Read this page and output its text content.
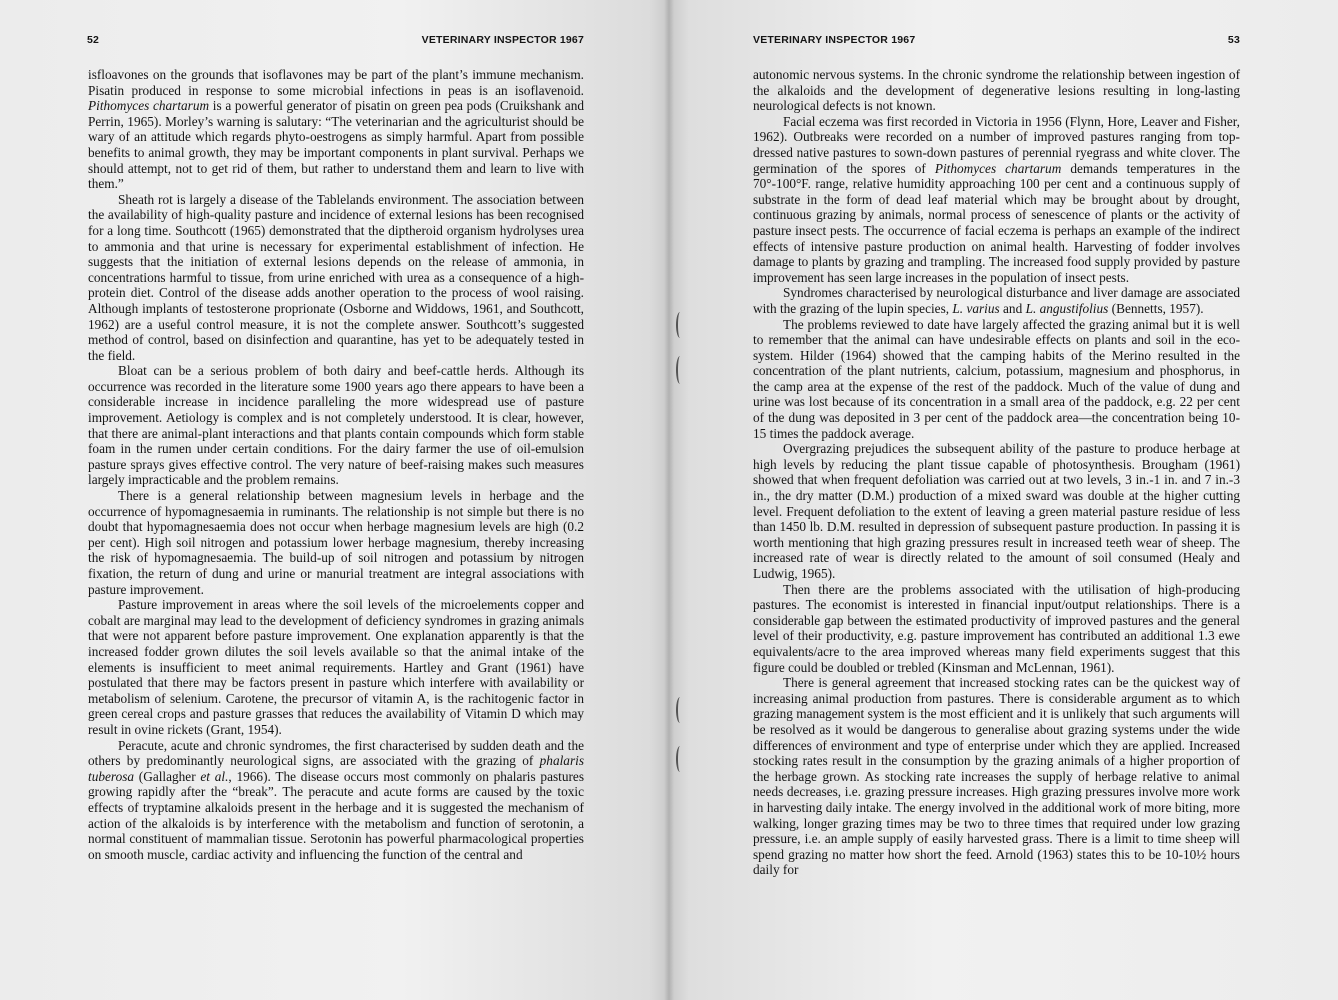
52	VETERINARY INSPECTOR 1967

isfloavones on the grounds that isoflavones may be part of the plant’s immune mechanism. Pisatin produced in response to some microbial infections in peas is an isoflavenoid. Pithomyces chartarum is a powerful generator of pisatin on green pea pods (Cruikshank and Perrin, 1965). Morley’s warning is salutary: “The veterinarian and the agriculturist should be wary of an attitude which regards phyto-oestrogens as simply harmful. Apart from possible benefits to animal growth, they may be important components in plant survival. Perhaps we should attempt, not to get rid of them, but rather to understand them and learn to live with them.”

Sheath rot is largely a disease of the Tablelands environment. The association between the availability of high-quality pasture and incidence of external lesions has been recognised for a long time. Southcott (1965) demonstrated that the diptheroid organism hydrolyses urea to ammonia and that urine is necessary for experimental establishment of infection. He suggests that the initiation of external lesions depends on the release of ammonia, in concentrations harmful to tissue, from urine enriched with urea as a consequence of a high-protein diet. Control of the disease adds another operation to the process of wool raising. Although implants of testosterone proprionate (Osborne and Widdows, 1961, and Southcott, 1962) are a useful control measure, it is not the complete answer. Southcott’s suggested method of control, based on disinfection and quarantine, has yet to be adequately tested in the field.

Bloat can be a serious problem of both dairy and beef-cattle herds. Although its occurrence was recorded in the literature some 1900 years ago there appears to have been a considerable increase in incidence paralleling the more widespread use of pasture improvement. Aetiology is complex and is not completely understood. It is clear, however, that there are animal-plant interactions and that plants contain compounds which form stable foam in the rumen under certain conditions. For the dairy farmer the use of oil-emulsion pasture sprays gives effective control. The very nature of beef-raising makes such measures largely impracticable and the problem remains.

There is a general relationship between magnesium levels in herbage and the occurrence of hypomagnesaemia in ruminants. The relationship is not simple but there is no doubt that hypomagnesaemia does not occur when herbage magnesium levels are high (0.2 per cent). High soil nitrogen and potassium lower herbage magnesium, thereby increasing the risk of hypomagnesaemia. The build-up of soil nitrogen and potassium by nitrogen fixation, the return of dung and urine or manurial treatment are integral associations with pasture improvement.

Pasture improvement in areas where the soil levels of the microelements copper and cobalt are marginal may lead to the development of deficiency syndromes in grazing animals that were not apparent before pasture improvement. One explanation apparently is that the increased fodder grown dilutes the soil levels available so that the animal intake of the elements is insufficient to meet animal requirements. Hartley and Grant (1961) have postulated that there may be factors present in pasture which interfere with availability or metabolism of selenium. Carotene, the precursor of vitamin A, is the rachitogenic factor in green cereal crops and pasture grasses that reduces the availability of Vitamin D which may result in ovine rickets (Grant, 1954).

Peracute, acute and chronic syndromes, the first characterised by sudden death and the others by predominantly neurological signs, are associated with the grazing of phalaris tuberosa (Gallagher et al., 1966). The disease occurs most commonly on phalaris pastures growing rapidly after the “break”. The peracute and acute forms are caused by the toxic effects of tryptamine alkaloids present in the herbage and it is suggested the mechanism of action of the alkaloids is by interference with the metabolism and function of serotonin, a normal constituent of mammalian tissue. Serotonin has powerful pharmacological properties on smooth muscle, cardiac activity and influencing the function of the central and

VETERINARY INSPECTOR 1967	53

autonomic nervous systems. In the chronic syndrome the relationship between ingestion of the alkaloids and the development of degenerative lesions resulting in long-lasting neurological defects is not known.

Facial eczema was first recorded in Victoria in 1956 (Flynn, Hore, Leaver and Fisher, 1962). Outbreaks were recorded on a number of improved pastures ranging from top-dressed native pastures to sown-down pastures of perennial ryegrass and white clover. The germination of the spores of Pithomyces chartarum demands temperatures in the 70°-100°F. range, relative humidity approaching 100 per cent and a continuous supply of substrate in the form of dead leaf material which may be brought about by drought, continuous grazing by animals, normal process of senescence of plants or the activity of pasture insect pests. The occurrence of facial eczema is perhaps an example of the indirect effects of intensive pasture production on animal health. Harvesting of fodder involves damage to plants by grazing and trampling. The increased food supply provided by pasture improvement has seen large increases in the population of insect pests.

Syndromes characterised by neurological disturbance and liver damage are associated with the grazing of the lupin species, L. varius and L. angustifolius (Bennetts, 1957).

The problems reviewed to date have largely affected the grazing animal but it is well to remember that the animal can have undesirable effects on plants and soil in the eco-system. Hilder (1964) showed that the camping habits of the Merino resulted in the concentration of the plant nutrients, calcium, potassium, magnesium and phosphorus, in the camp area at the expense of the rest of the paddock. Much of the value of dung and urine was lost because of its concentration in a small area of the paddock, e.g. 22 per cent of the dung was deposited in 3 per cent of the paddock area—the concentration being 10-15 times the paddock average.

Overgrazing prejudices the subsequent ability of the pasture to produce herbage at high levels by reducing the plant tissue capable of photosynthesis. Brougham (1961) showed that when frequent defoliation was carried out at two levels, 3 in.-1 in. and 7 in.-3 in., the dry matter (D.M.) production of a mixed sward was double at the higher cutting level. Frequent defoliation to the extent of leaving a green material pasture residue of less than 1450 lb. D.M. resulted in depression of subsequent pasture production. In passing it is worth mentioning that high grazing pressures result in increased teeth wear of sheep. The increased rate of wear is directly related to the amount of soil consumed (Healy and Ludwig, 1965).

Then there are the problems associated with the utilisation of high-producing pastures. The economist is interested in financial input/output relationships. There is a considerable gap between the estimated productivity of improved pastures and the general level of their productivity, e.g. pasture improvement has contributed an additional 1.3 ewe equivalents/acre to the area improved whereas many field experiments suggest that this figure could be doubled or trebled (Kinsman and McLennan, 1961).

There is general agreement that increased stocking rates can be the quickest way of increasing animal production from pastures. There is considerable argument as to which grazing management system is the most efficient and it is unlikely that such arguments will be resolved as it would be dangerous to generalise about grazing systems under the wide differences of environment and type of enterprise under which they are applied. Increased stocking rates result in the consumption by the grazing animals of a higher proportion of the herbage grown. As stocking rate increases the supply of herbage relative to animal needs decreases, i.e. grazing pressure increases. High grazing pressures involve more work in harvesting daily intake. The energy involved in the additional work of more biting, more walking, longer grazing times may be two to three times that required under low grazing pressure, i.e. an ample supply of easily harvested grass. There is a limit to time sheep will spend grazing no matter how short the feed. Arnold (1963) states this to be 10-10½ hours daily for
